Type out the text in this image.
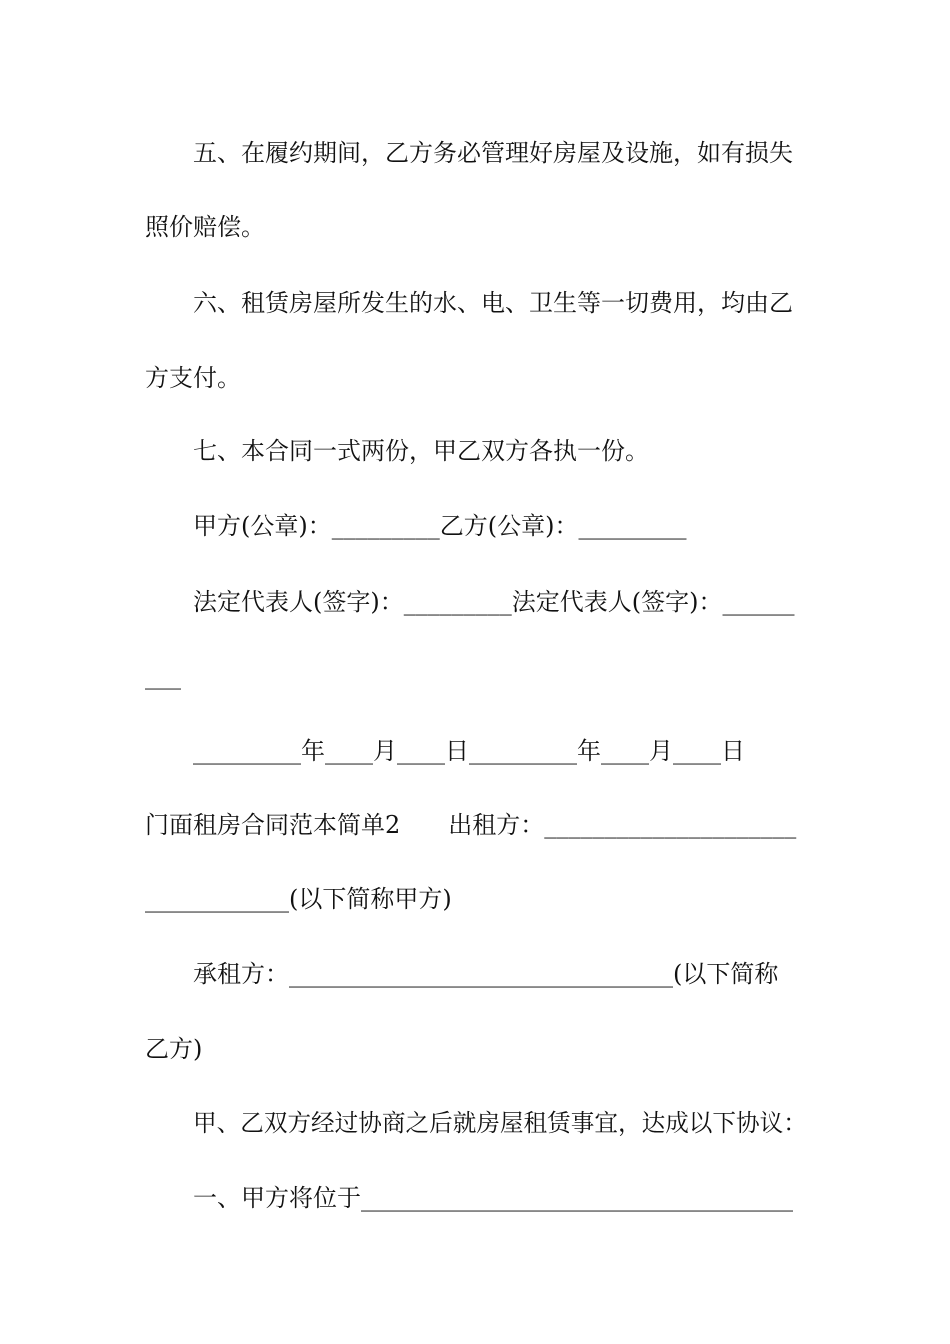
五、在履约期间，乙方务必管理好房屋及设施，如有损失
照价赔偿。
六、租赁房屋所发生的水、电、卫生等一切费用，均由乙
方支付。
七、本合同一式两份，甲乙双方各执一份。
甲方(公章)：_________乙方(公章)：_________
法定代表人(签字)：_________法定代表人(签字)：______
___
_________年____月____日_________年____月____日
门面租房合同范本简单2　　出租方：_____________________
____________(以下简称甲方)
承租方：________________________________(以下简称
乙方)
甲、乙双方经过协商之后就房屋租赁事宜，达成以下协议：
一、甲方将位于____________________________________
